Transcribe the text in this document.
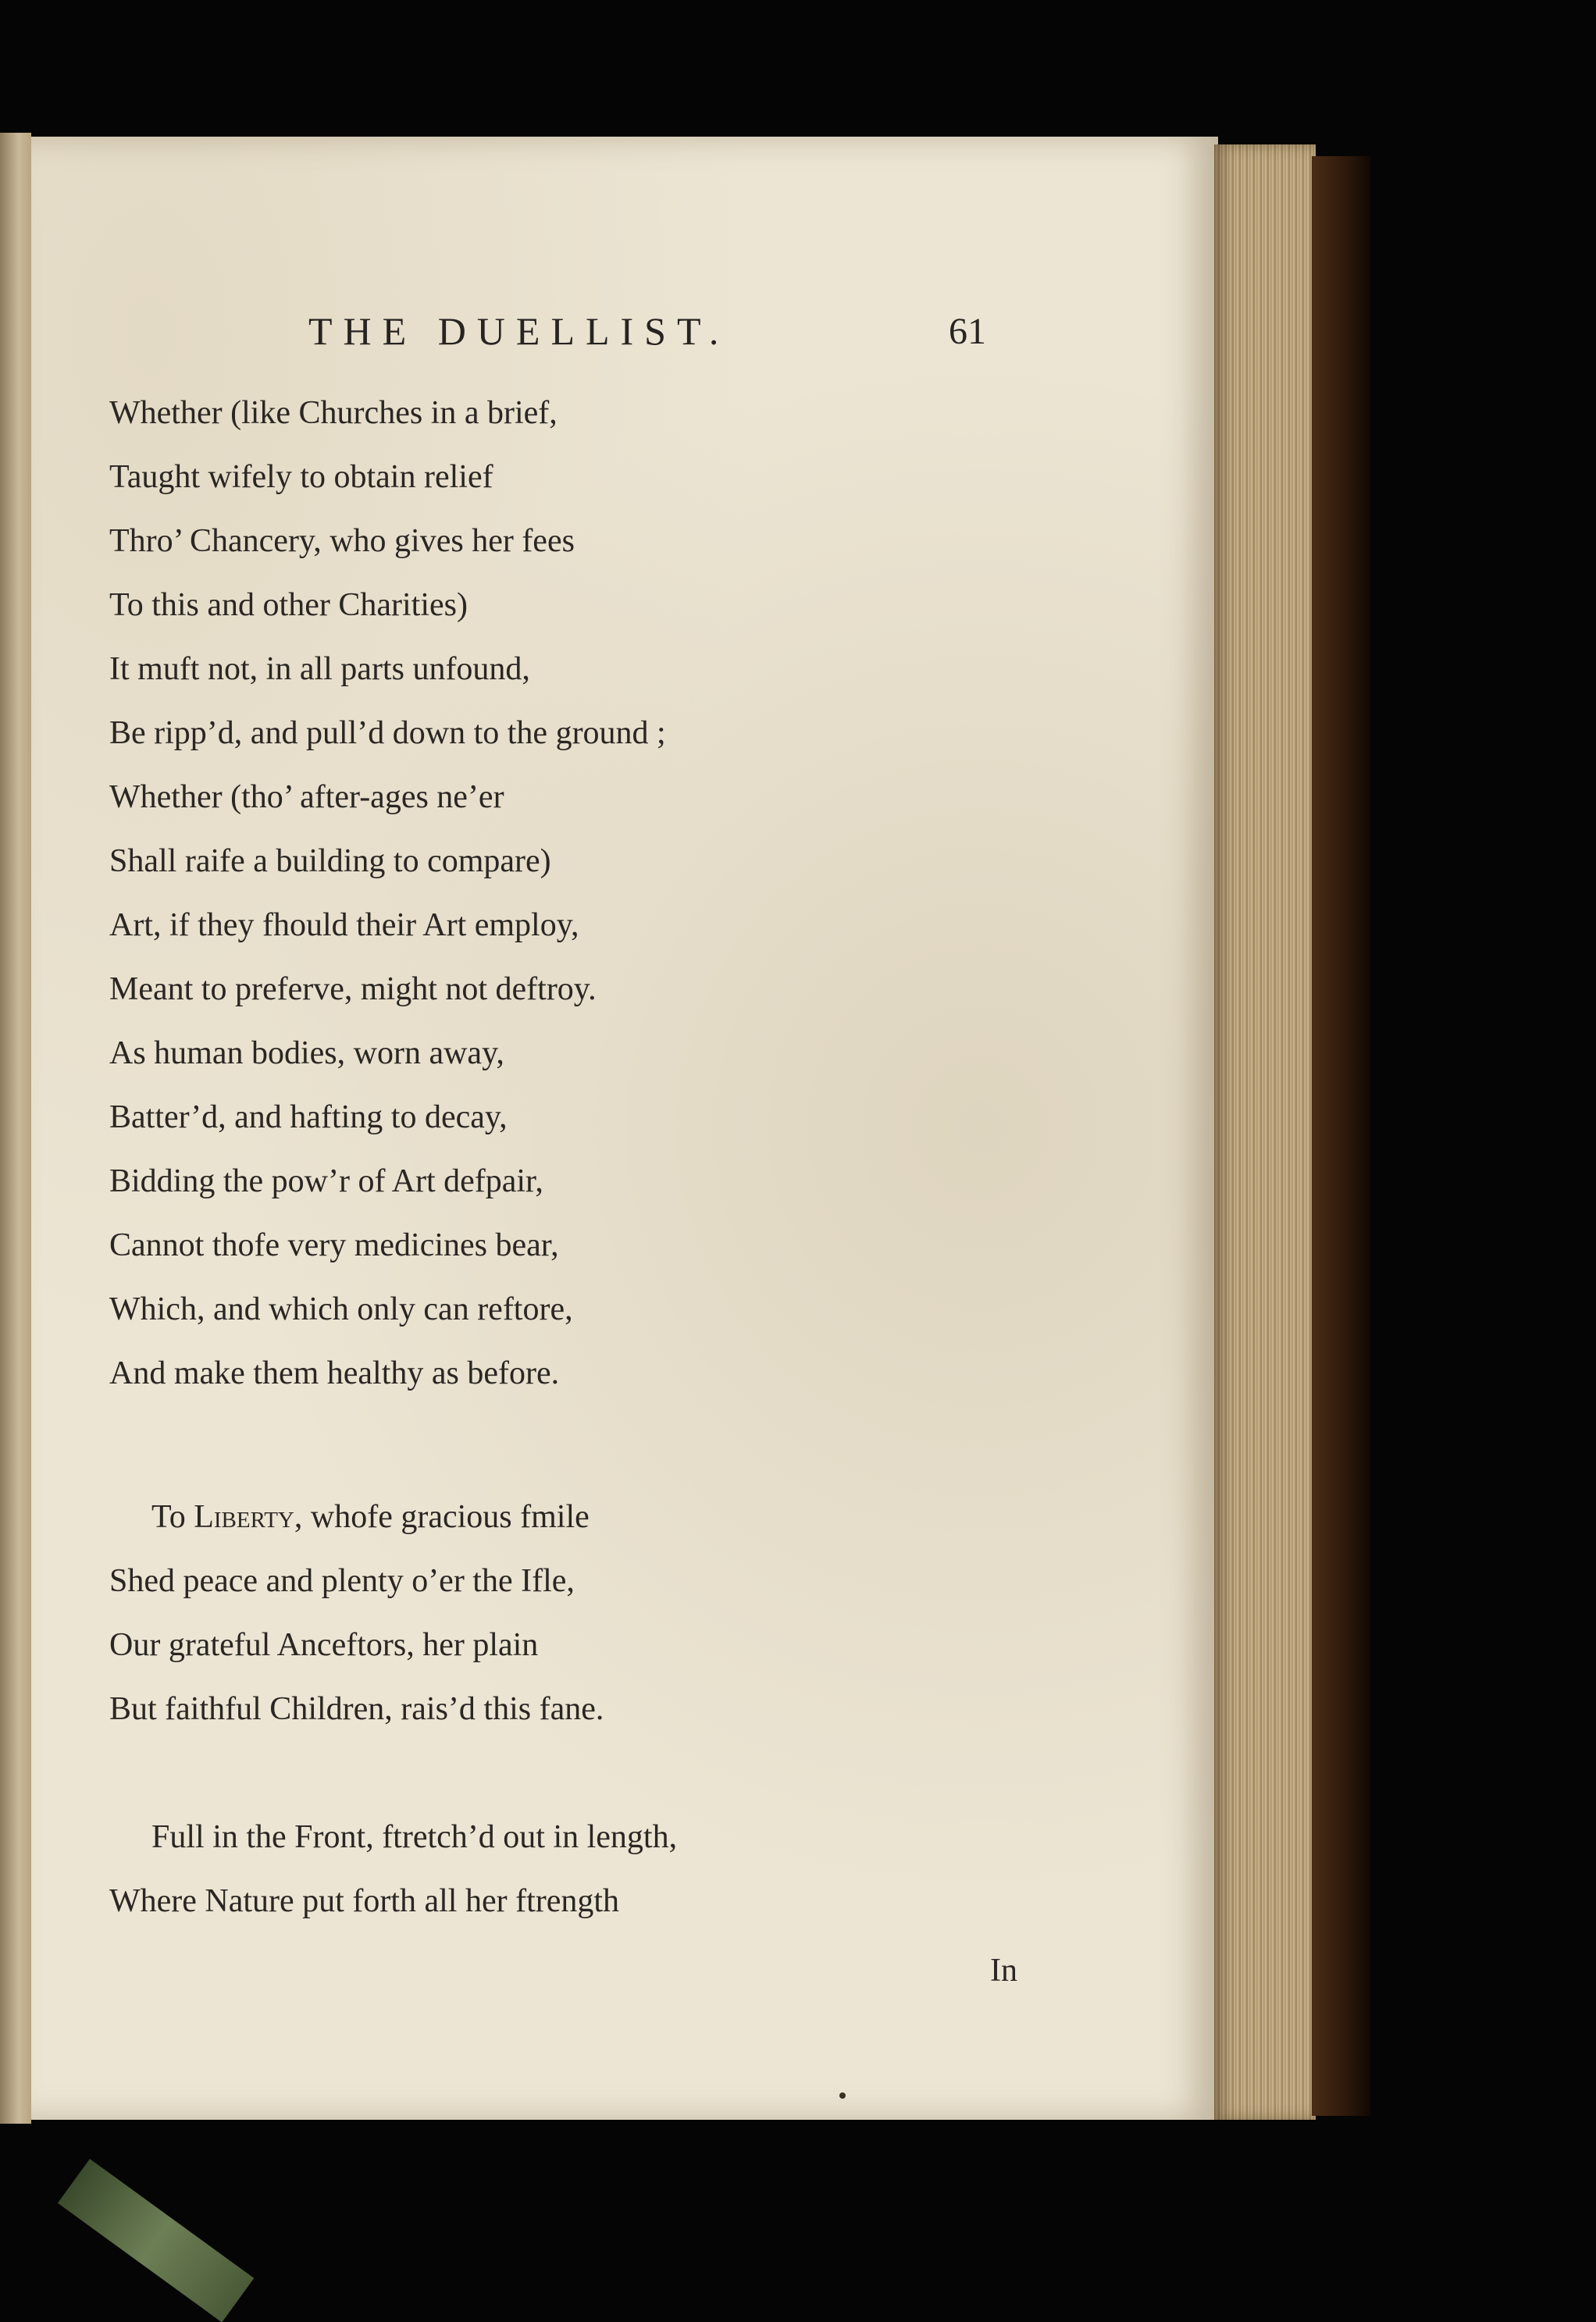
THE DUELLIST.	61
Whether (like Churches in a brief,
Taught wifely to obtain relief
Thro’ Chancery, who gives her fees
To this and other Charities)
It muft not, in all parts unfound,
Be ripp’d, and pull’d down to the ground ;
Whether (tho’ after-ages ne’er
Shall raife a building to compare)
Art, if they fhould their Art employ,
Meant to preferve, might not deftroy.
As human bodies, worn away,
Batter’d, and hafting to decay,
Bidding the pow’r of Art defpair,
Cannot thofe very medicines bear,
Which, and which only can reftore,
And make them healthy as before.
To Liberty, whofe gracious fmile
Shed peace and plenty o’er the Ifle,
Our grateful Anceftors, her plain
But faithful Children, rais’d this fane.
Full in the Front, ftretch’d out in length,
Where Nature put forth all her ftrength
In
